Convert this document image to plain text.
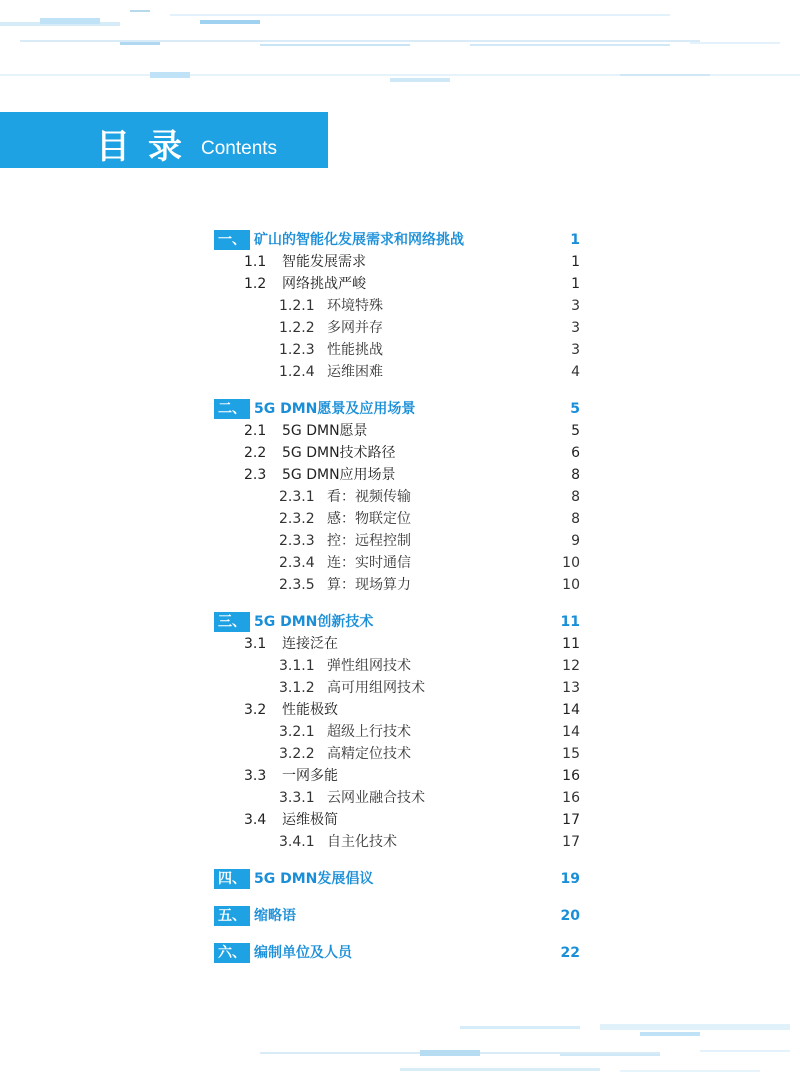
目录 Contents
一、 矿山的智能化发展需求和网络挑战	1
1.1 智能发展需求	1
1.2 网络挑战严峻	1
1.2.1 环境特殊	3
1.2.2 多网并存	3
1.2.3 性能挑战	3
1.2.4 运维困难	4
二、 5G DMN愿景及应用场景	5
2.1 5G DMN愿景	5
2.2 5G DMN技术路径	6
2.3 5G DMN应用场景	8
2.3.1 看：视频传输	8
2.3.2 感：物联定位	8
2.3.3 控：远程控制	9
2.3.4 连：实时通信	10
2.3.5 算：现场算力	10
三、 5G DMN创新技术	11
3.1 连接泛在	11
3.1.1 弹性组网技术	12
3.1.2 高可用组网技术	13
3.2 性能极致	14
3.2.1 超级上行技术	14
3.2.2 高精定位技术	15
3.3 一网多能	16
3.3.1 云网业融合技术	16
3.4 运维极简	17
3.4.1 自主化技术	17
四、 5G DMN发展倡议	19
五、 缩略语	20
六、 编制单位及人员	22
